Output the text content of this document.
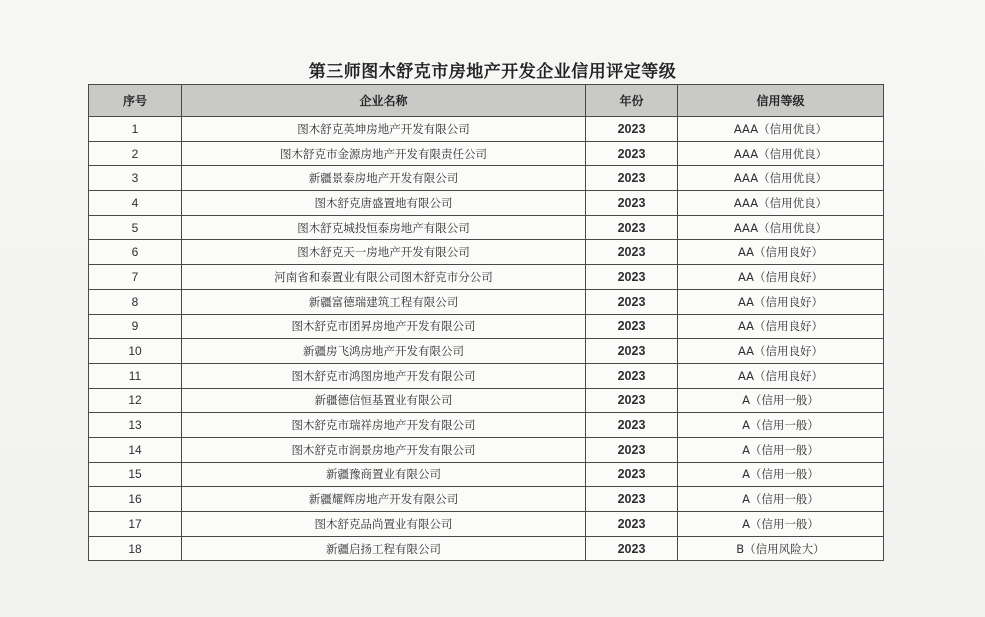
第三师图木舒克市房地产开发企业信用评定等级
序号	企业名称	年份	信用等级
1	图木舒克英坤房地产开发有限公司	2023	AAA（信用优良）
2	图木舒克市金源房地产开发有限责任公司	2023	AAA（信用优良）
3	新疆景泰房地产开发有限公司	2023	AAA（信用优良）
4	图木舒克唐盛置地有限公司	2023	AAA（信用优良）
5	图木舒克城投恒泰房地产有限公司	2023	AAA（信用优良）
6	图木舒克天一房地产开发有限公司	2023	AA（信用良好）
7	河南省和泰置业有限公司图木舒克市分公司	2023	AA（信用良好）
8	新疆富德瑞建筑工程有限公司	2023	AA（信用良好）
9	图木舒克市团昇房地产开发有限公司	2023	AA（信用良好）
10	新疆房飞鸿房地产开发有限公司	2023	AA（信用良好）
11	图木舒克市鸿图房地产开发有限公司	2023	AA（信用良好）
12	新疆德信恒基置业有限公司	2023	A（信用一般）
13	图木舒克市瑞祥房地产开发有限公司	2023	A（信用一般）
14	图木舒克市润景房地产开发有限公司	2023	A（信用一般）
15	新疆豫商置业有限公司	2023	A（信用一般）
16	新疆耀辉房地产开发有限公司	2023	A（信用一般）
17	图木舒克品尚置业有限公司	2023	A（信用一般）
18	新疆启扬工程有限公司	2023	B（信用风险大）
